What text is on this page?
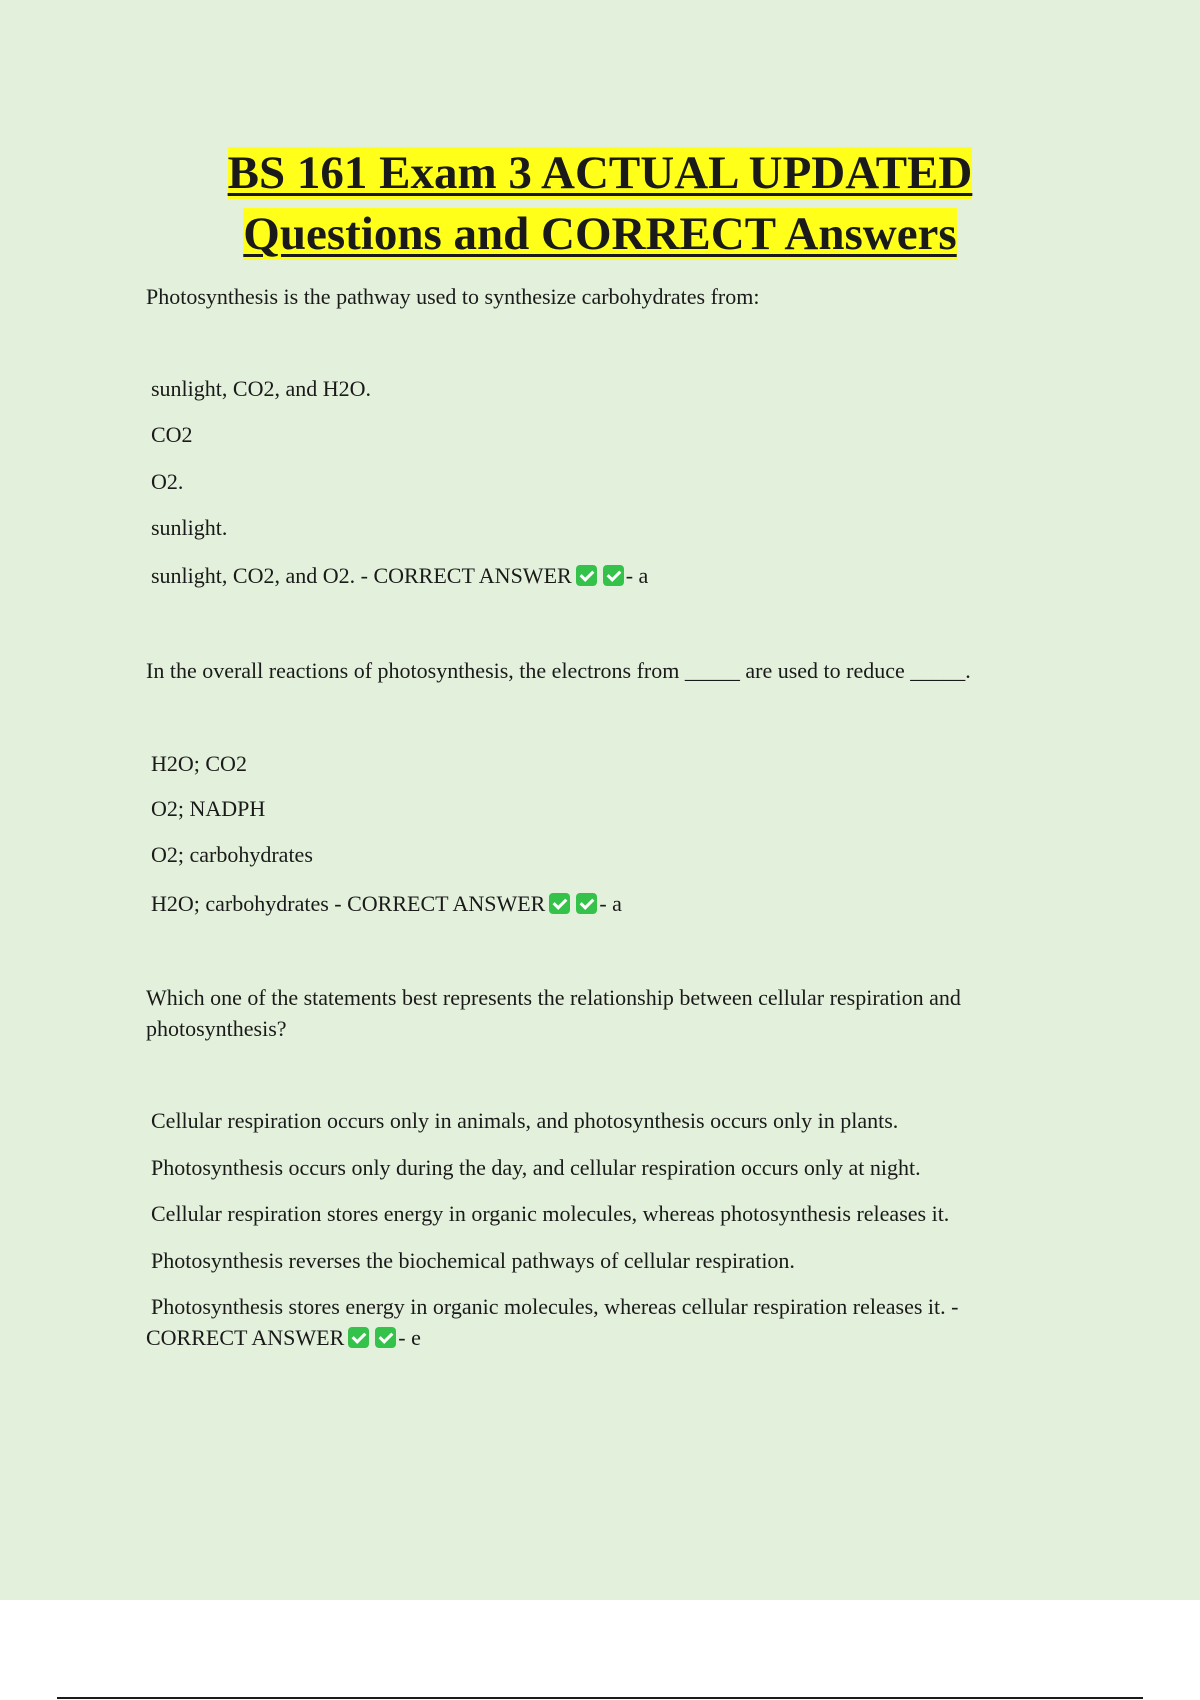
BS 161 Exam 3 ACTUAL UPDATED
Questions and CORRECT Answers

Photosynthesis is the pathway used to synthesize carbohydrates from:

sunlight, CO2, and H2O.

CO2

O2.

sunlight.

sunlight, CO2, and O2. - CORRECT ANSWER - a

In the overall reactions of photosynthesis, the electrons from _____ are used to reduce _____.

H2O; CO2

O2; NADPH

O2; carbohydrates

H2O; carbohydrates - CORRECT ANSWER - a

Which one of the statements best represents the relationship between cellular respiration and photosynthesis?

Cellular respiration occurs only in animals, and photosynthesis occurs only in plants.

Photosynthesis occurs only during the day, and cellular respiration occurs only at night.

Cellular respiration stores energy in organic molecules, whereas photosynthesis releases it.

Photosynthesis reverses the biochemical pathways of cellular respiration.

Photosynthesis stores energy in organic molecules, whereas cellular respiration releases it. - CORRECT ANSWER - e
